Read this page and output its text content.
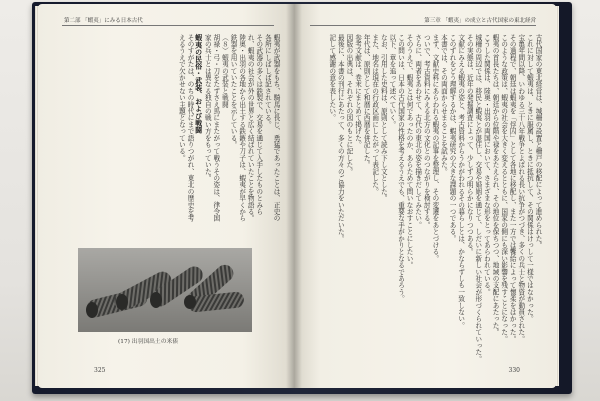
第二部 「蝦夷」にみる日本古代
蝦夷が武器をもち、騎馬に長じ、勇猛であったことは、正史の各所にしばしば記されている。
その武器の多くは鉄製で、交易を通じて入手したものとみられ、蝦夷の社会が外の世界と広く結ばれていたことを物語る。
陸奥・出羽の各地から出土する鉄鏃や刀子は、蝦夷が早くから鉄器を用いていたことを示している。
（８）蝦夷の武装と戦闘
胡禄・弓・刀をたずさえ馬にまたがって戦うその姿は、律令国家の兵士とは異なる独自の戦い方をもっていた。
蝦夷の民俗・武装、および戦闘
そのすがたは、のちの時代にまで語りつがれ、東北の歴史を考えるうえで欠かせない主題となっている。
(17) 出羽国出土の米俵
325
第三章 「蝦夷」の成立と古代国家の東北経営
古代国家の東北経営は、城柵の設置と柵戸の移配によって進められた。
これに対して蝦夷は、ときに服属し、ときに抵抗して、その関係はけっして一様ではなかった。
宝亀年間以降、いわゆる三十八年戦争とよばれる長い抗争がつづき、多くの兵士と物資が動員された。
その過程で、朝廷は蝦夷を「俘囚」として各地に移配し、また一方では饗給によって懐柔をはかった。
このような政策は、蝦夷の社会を大きく変えるとともに、国家の側にも深い影響を残すことになった。
蝦夷の首長たちは、朝廷から位階や禄をあたえられ、その地位を保ちつつ、地域の支配にあたった。
こうした関係は、陸奥・出羽の両国において、さまざまな形をとってあらわれている。
城柵の周辺では、移民と蝦夷とが混住し、交易や婚姻を通じて、しだいに新しい社会が形づくられていった。
その実態は、近年の発掘調査によって、少しずつ明らかになりつつある。
文献にみえる蝦夷の姿と、考古資料からうかがわれるその暮らしとは、かならずしも一致しない。
このずれをどう理解するかは、蝦夷研究の大きな課題の一つである。
本書では、その両面からせまることを試みた。
まず、文献史料にあらわれる蝦夷の記事を整理し、その変遷をあとづける。
ついで、考古資料にみえる北方の文化とのつながりを検討する。
さらに、両者をあわせて、古代の東北の姿を描きだしてみたい。
そのうえで、蝦夷とは何であったのか、あらためて問いなおすことにしたい。
この問いは、日本の古代国家の性格を考えるうえでも、重要な手がかりとなるであろう。
以下、章を追って述べていく。
なお、引用した史料は、原則として読み下し文とした。
また、地名は現在の行政区画にしたがって表記した。
年代は、原則として和暦に西暦を併記した。
参考文献は、巻末にまとめて掲げた。
図版の出典は、それぞれの図のもとに記した。
最後に、本書の刊行にあたって、多くの方々のご協力をいただいた。
記して感謝の意を表したい。
330
